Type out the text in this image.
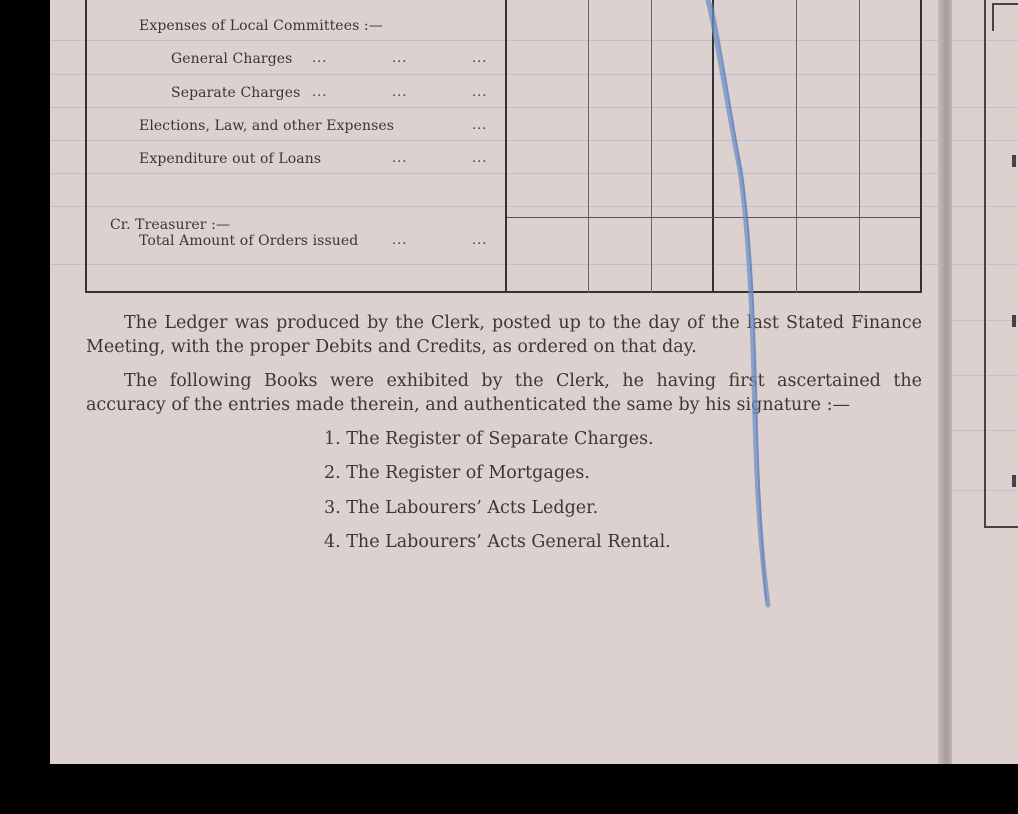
Expenses of Local Committees :—
General Charges ...	...	...
Separate Charges ...	...	...
Elections, Law, and other Expenses	...
Expenditure out of Loans	...	...
Cr. Treasurer :—
Total Amount of Orders issued	...	...

The Ledger was produced by the Clerk, posted up to the day of the last Stated Finance Meeting, with the proper Debits and Credits, as ordered on that day.

The following Books were exhibited by the Clerk, he having first ascertained the accuracy of the entries made therein, and authenticated the same by his signature :—

1. The Register of Separate Charges.
2. The Register of Mortgages.
3. The Labourers’ Acts Ledger.
4. The Labourers’ Acts General Rental.
